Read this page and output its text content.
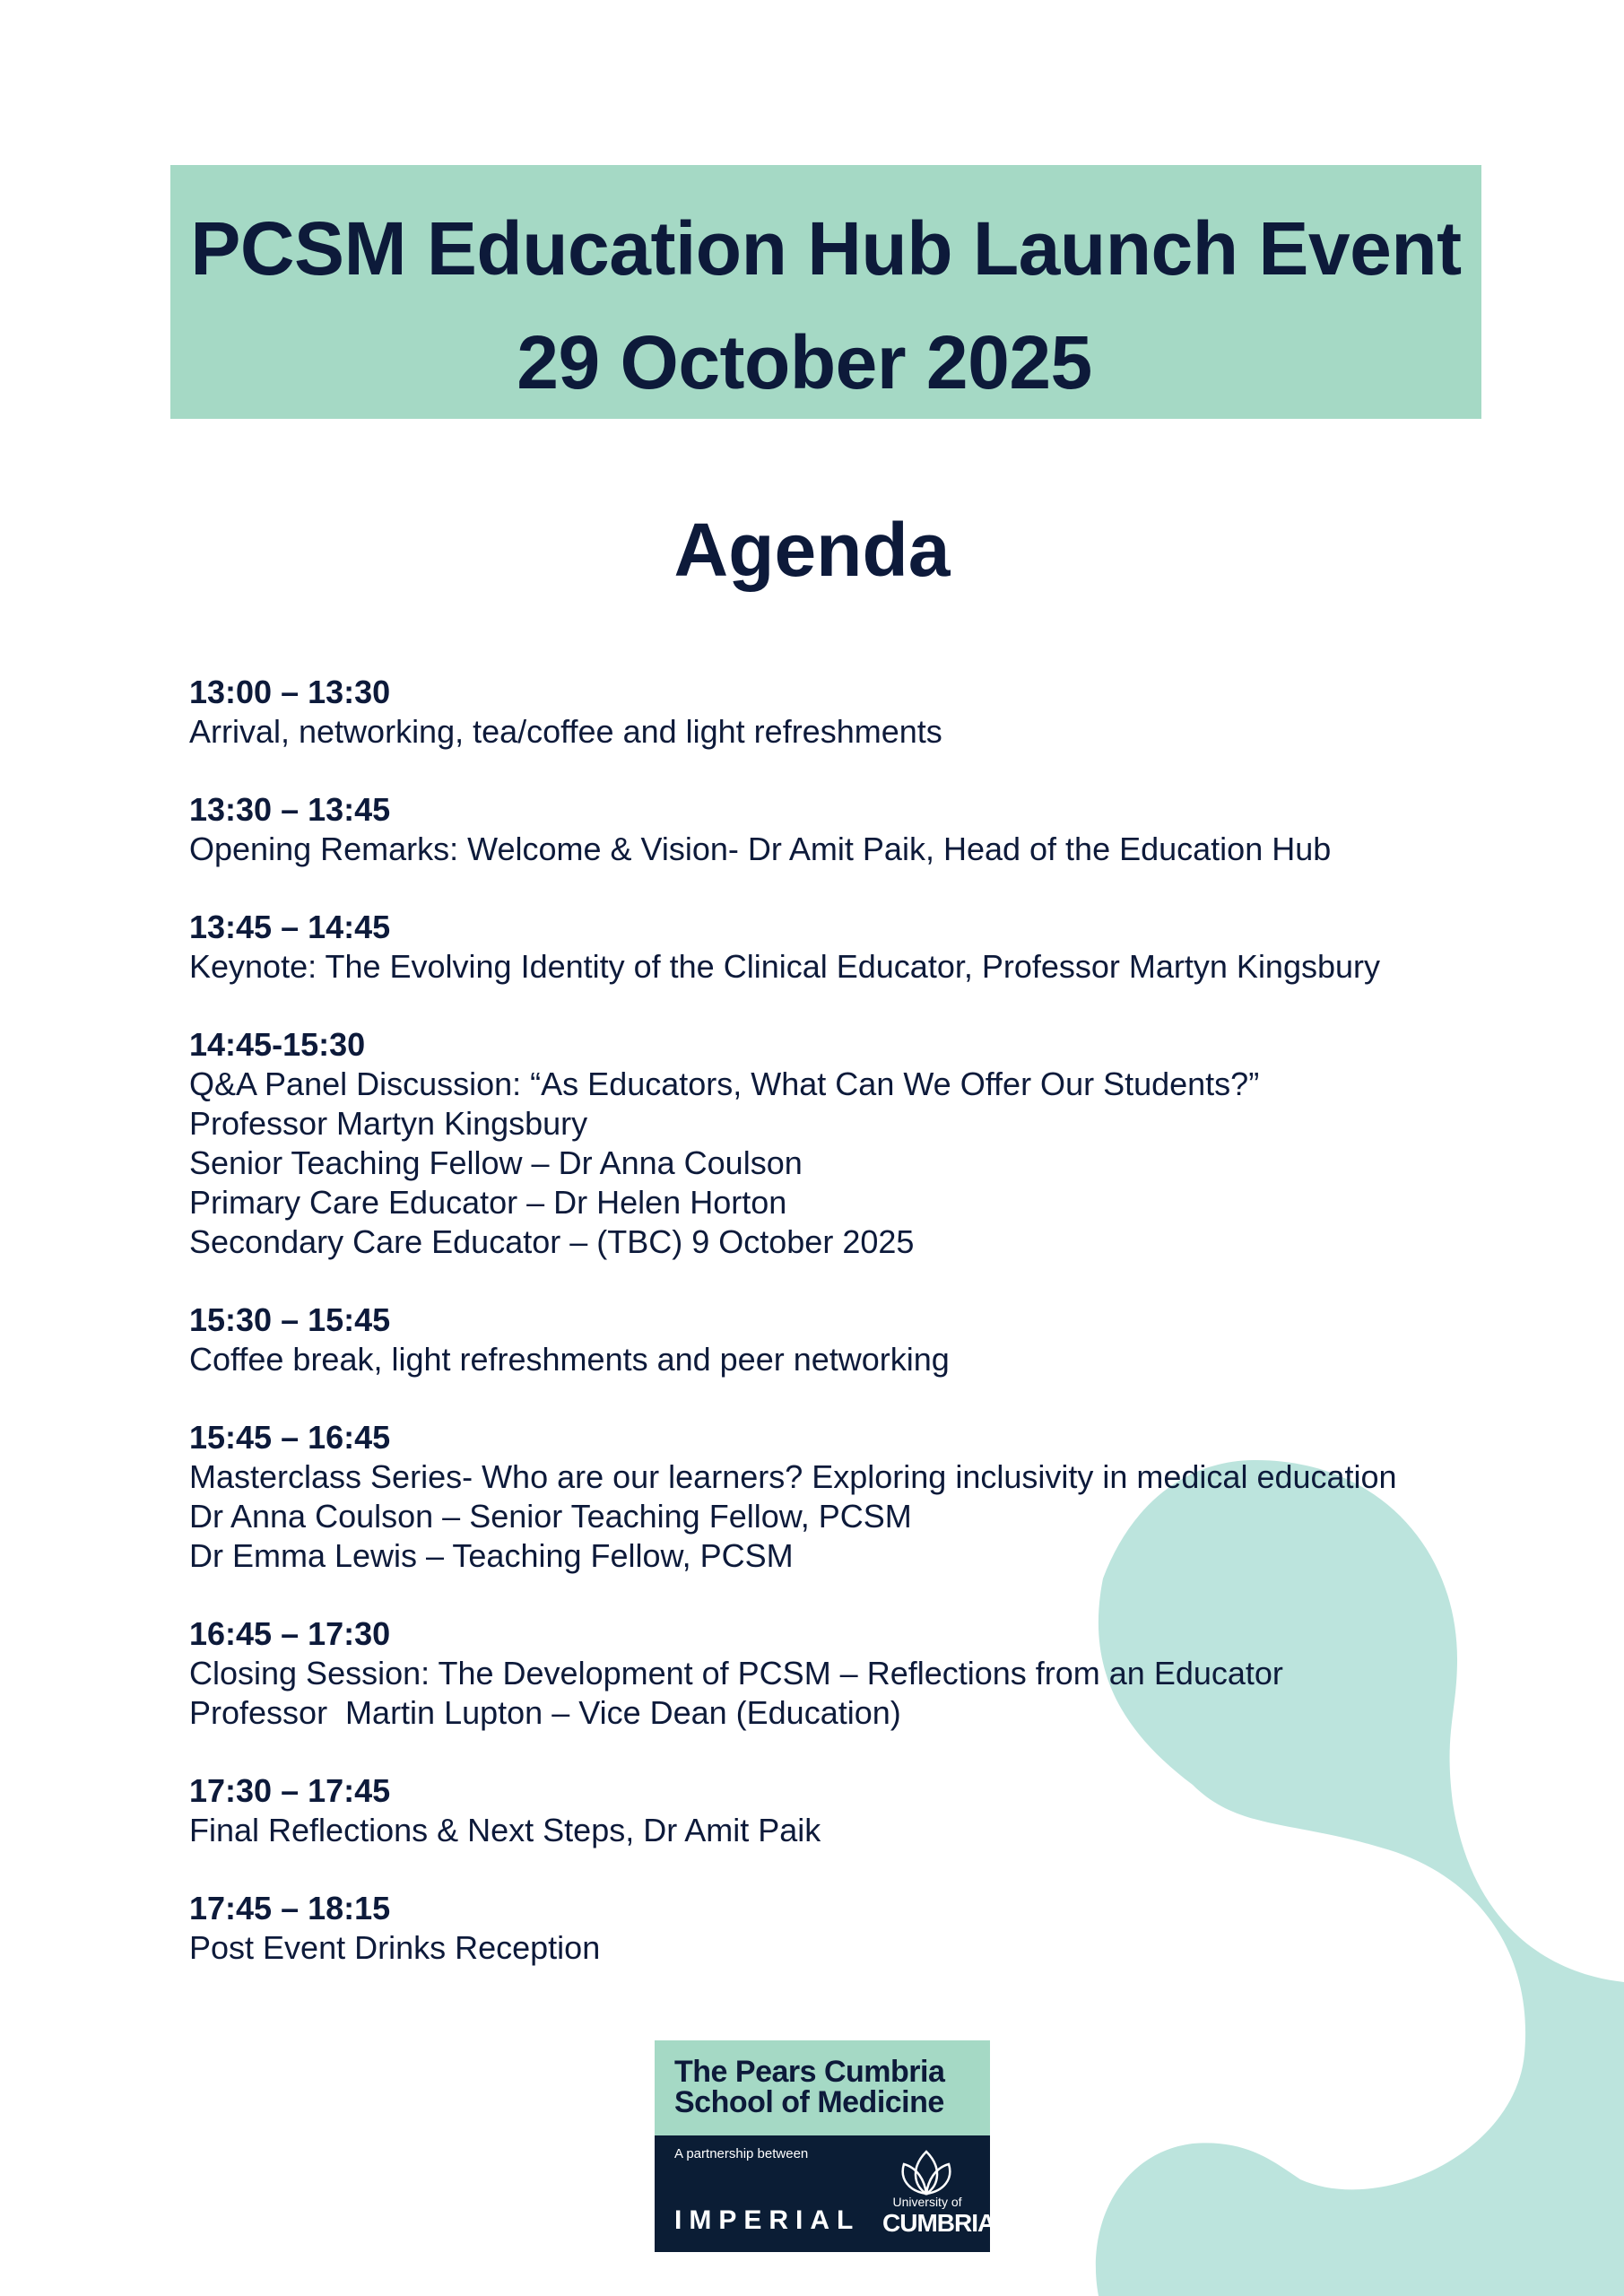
PCSM Education Hub Launch Event
29 October 2025
Agenda
13:00 – 13:30
Arrival, networking, tea/coffee and light refreshments
13:30 – 13:45
Opening Remarks: Welcome & Vision- Dr Amit Paik, Head of the Education Hub
13:45 – 14:45
Keynote: The Evolving Identity of the Clinical Educator, Professor Martyn Kingsbury
14:45-15:30
Q&A Panel Discussion: “As Educators, What Can We Offer Our Students?”
Professor Martyn Kingsbury
Senior Teaching Fellow – Dr Anna Coulson
Primary Care Educator – Dr Helen Horton
Secondary Care Educator – (TBC) 9 October 2025
15:30 – 15:45
Coffee break, light refreshments and peer networking
15:45 – 16:45
Masterclass Series- Who are our learners? Exploring inclusivity in medical education
Dr Anna Coulson – Senior Teaching Fellow, PCSM
Dr Emma Lewis – Teaching Fellow, PCSM
16:45 – 17:30
Closing Session: The Development of PCSM – Reflections from an Educator
Professor  Martin Lupton – Vice Dean (Education)
17:30 – 17:45
Final Reflections & Next Steps, Dr Amit Paik
17:45 – 18:15
Post Event Drinks Reception
The Pears Cumbria
School of Medicine
A partnership between
IMPERIAL
University of
CUMBRIA
